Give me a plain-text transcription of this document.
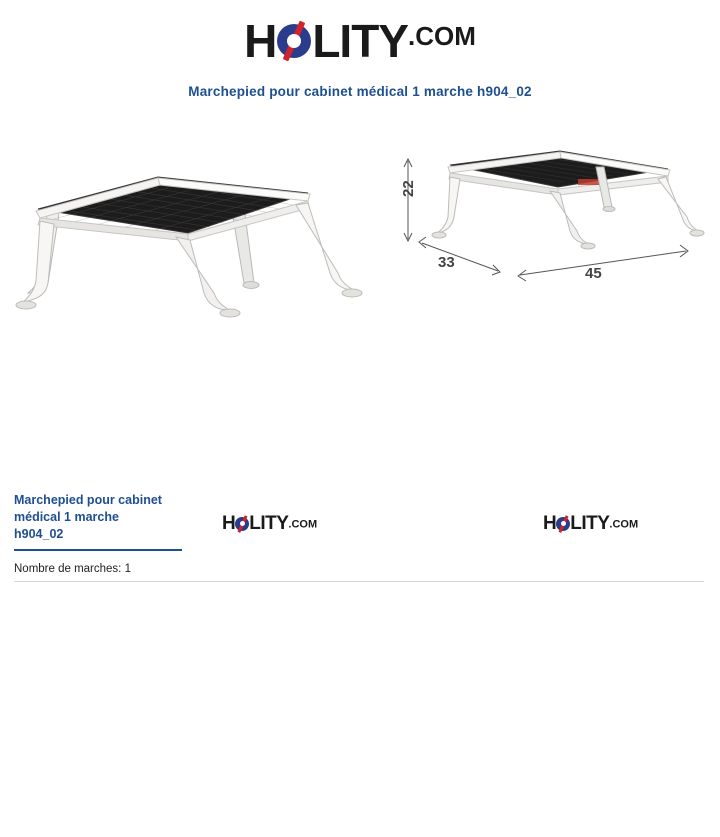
H LITY.COM
Marchepied pour cabinet médical 1 marche h904_02
22
33
45
H LITY.COM	H LITY.COM
Marchepied pour cabinet
médical 1 marche
h904_02
Nombre de marches: 1
